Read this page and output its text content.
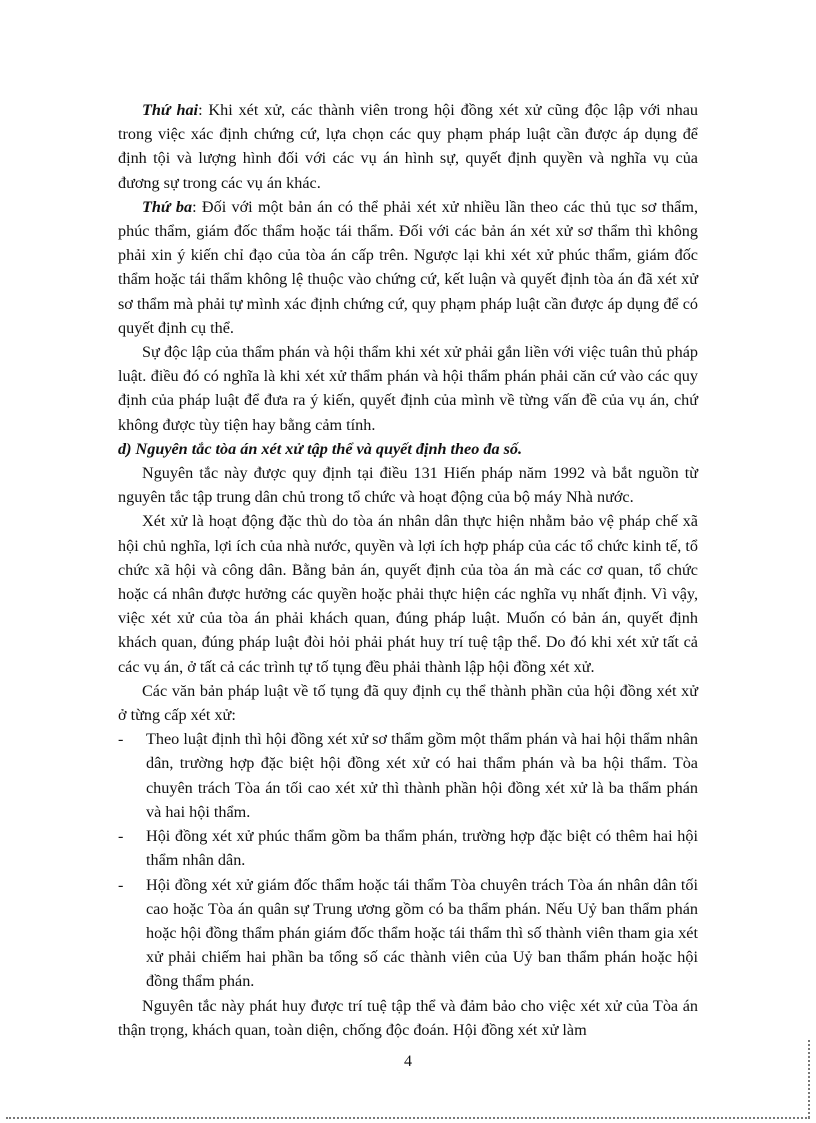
Thứ hai: Khi xét xử, các thành viên trong hội đồng xét xử cũng độc lập với nhau trong việc xác định chứng cứ, lựa chọn các quy phạm pháp luật cần được áp dụng để định tội và lượng hình đối với các vụ án hình sự, quyết định quyền và nghĩa vụ của đương sự trong các vụ án khác.

Thứ ba: Đối với một bản án có thể phải xét xử nhiều lần theo các thủ tục sơ thẩm, phúc thẩm, giám đốc thẩm hoặc tái thẩm. Đối với các bản án xét xử sơ thẩm thì không phải xin ý kiến chỉ đạo của tòa án cấp trên. Ngược lại khi xét xử phúc thẩm, giám đốc thẩm hoặc tái thẩm không lệ thuộc vào chứng cứ, kết luận và quyết định tòa án đã xét xử sơ thẩm mà phải tự mình xác định chứng cứ, quy phạm pháp luật cần được áp dụng để có quyết định cụ thể.

Sự độc lập của thẩm phán và hội thẩm khi xét xử phải gắn liền với việc tuân thủ pháp luật. điều đó có nghĩa là khi xét xử thẩm phán và hội thẩm phán phải căn cứ vào các quy định của pháp luật để đưa ra ý kiến, quyết định của mình về từng vấn đề của vụ án, chứ không được tùy tiện hay bằng cảm tính.

d) Nguyên tắc tòa án xét xử tập thể và quyết định theo đa số.

Nguyên tắc này được quy định tại điều 131 Hiến pháp năm 1992 và bắt nguồn từ nguyên tắc tập trung dân chủ trong tổ chức và hoạt động của bộ máy Nhà nước.

Xét xử là hoạt động đặc thù do tòa án nhân dân thực hiện nhằm bảo vệ pháp chế xã hội chủ nghĩa, lợi ích của nhà nước, quyền và lợi ích hợp pháp của các tổ chức kinh tế, tổ chức xã hội và công dân. Bằng bản án, quyết định của tòa án mà các cơ quan, tổ chức hoặc cá nhân được hưởng các quyền hoặc phải thực hiện các nghĩa vụ nhất định. Vì vậy, việc xét xử của tòa án phải khách quan, đúng pháp luật. Muốn có bản án, quyết định khách quan, đúng pháp luật đòi hỏi phải phát huy trí tuệ tập thể. Do đó khi xét xử tất cả các vụ án, ở tất cả các trình tự tố tụng đều phải thành lập hội đồng xét xử.

Các văn bản pháp luật về tố tụng đã quy định cụ thể thành phần của hội đồng xét xử ở từng cấp xét xử:

- Theo luật định thì hội đồng xét xử sơ thẩm gồm một thẩm phán và hai hội thẩm nhân dân, trường hợp đặc biệt hội đồng xét xử có hai thẩm phán và ba hội thẩm. Tòa chuyên trách Tòa án tối cao xét xử thì thành phần hội đồng xét xử là ba thẩm phán và hai hội thẩm.
- Hội đồng xét xử phúc thẩm gồm ba thẩm phán, trường hợp đặc biệt có thêm hai hội thẩm nhân dân.
- Hội đồng xét xử giám đốc thẩm hoặc tái thẩm Tòa chuyên trách Tòa án nhân dân tối cao hoặc Tòa án quân sự Trung ương gồm có ba thẩm phán. Nếu Uỷ ban thẩm phán hoặc hội đồng thẩm phán giám đốc thẩm hoặc tái thẩm thì số thành viên tham gia xét xử phải chiếm hai phần ba tổng số các thành viên của Uỷ ban thẩm phán hoặc hội đồng thẩm phán.

Nguyên tắc này phát huy được trí tuệ tập thể và đảm bảo cho việc xét xử của Tòa án thận trọng, khách quan, toàn diện, chống độc đoán. Hội đồng xét xử làm

4
